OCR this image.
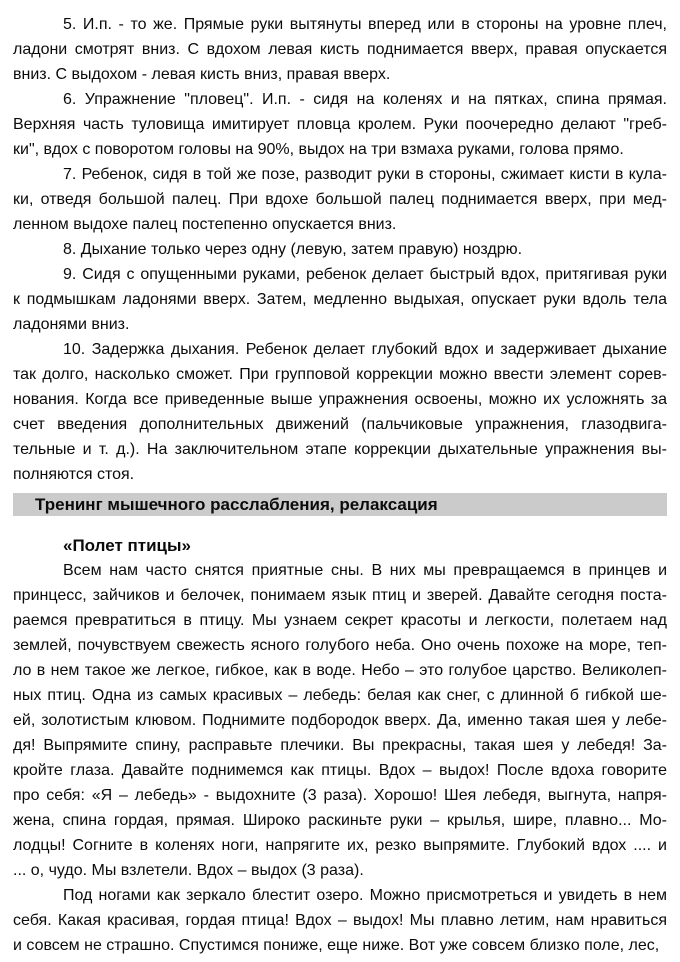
5. И.п. - то же. Прямые руки вытянуты вперед или в стороны на уровне плеч,
ладони смотрят вниз. С вдохом левая кисть поднимается вверх, правая опускается
вниз. С выдохом - левая кисть вниз, правая вверх.
6. Упражнение "пловец". И.п. - сидя на коленях и на пятках, спина прямая.
Верхняя часть туловища имитирует пловца кролем. Руки поочередно делают "греб-
ки", вдох с поворотом головы на 90%, выдох на три взмаха руками, голова прямо.
7. Ребенок, сидя в той же позе, разводит руки в стороны, сжимает кисти в кула-
ки, отведя большой палец. При вдохе большой палец поднимается вверх, при мед-
ленном выдохе палец постепенно опускается вниз.
8. Дыхание только через одну (левую, затем правую) ноздрю.
9. Сидя с опущенными руками, ребенок делает быстрый вдох, притягивая руки
к подмышкам ладонями вверх. Затем, медленно выдыхая, опускает руки вдоль тела
ладонями вниз.
10. Задержка дыхания. Ребенок делает глубокий вдох и задерживает дыхание
так долго, насколько сможет. При групповой коррекции можно ввести элемент сорев-
нования. Когда все приведенные выше упражнения освоены, можно их усложнять за
счет введения дополнительных движений (пальчиковые упражнения, глазодвига-
тельные и т. д.). На заключительном этапе коррекции дыхательные упражнения вы-
полняются стоя.
Тренинг мышечного расслабления, релаксация
«Полет птицы»
Всем нам часто снятся приятные сны. В них мы превращаемся в принцев и
принцесс, зайчиков и белочек, понимаем язык птиц и зверей. Давайте сегодня поста-
раемся превратиться в птицу. Мы узнаем секрет красоты и легкости, полетаем над
землей, почувствуем свежесть ясного голубого неба. Оно очень похоже на море, теп-
ло в нем такое же легкое, гибкое, как в воде. Небо – это голубое царство. Великолеп-
ных птиц. Одна из самых красивых – лебедь: белая как снег, с длинной б гибкой ше-
ей, золотистым клювом. Поднимите подбородок вверх. Да, именно такая шея у лебе-
дя! Выпрямите спину, расправьте плечики. Вы прекрасны, такая шея у лебедя! За-
кройте глаза. Давайте поднимемся как птицы. Вдох – выдох! После вдоха говорите
про себя: «Я – лебедь» - выдохните (3 раза). Хорошо! Шея лебедя, выгнута, напря-
жена, спина гордая, прямая. Широко раскиньте руки – крылья, шире, плавно... Мо-
лодцы! Согните в коленях ноги, напрягите их, резко выпрямите. Глубокий вдох .... и
... о, чудо. Мы взлетели. Вдох – выдох (3 раза).
Под ногами как зеркало блестит озеро. Можно присмотреться и увидеть в нем
себя. Какая красивая, гордая птица! Вдох – выдох! Мы плавно летим, нам нравиться
и совсем не страшно. Спустимся пониже, еще ниже. Вот уже совсем близко поле, лес,
